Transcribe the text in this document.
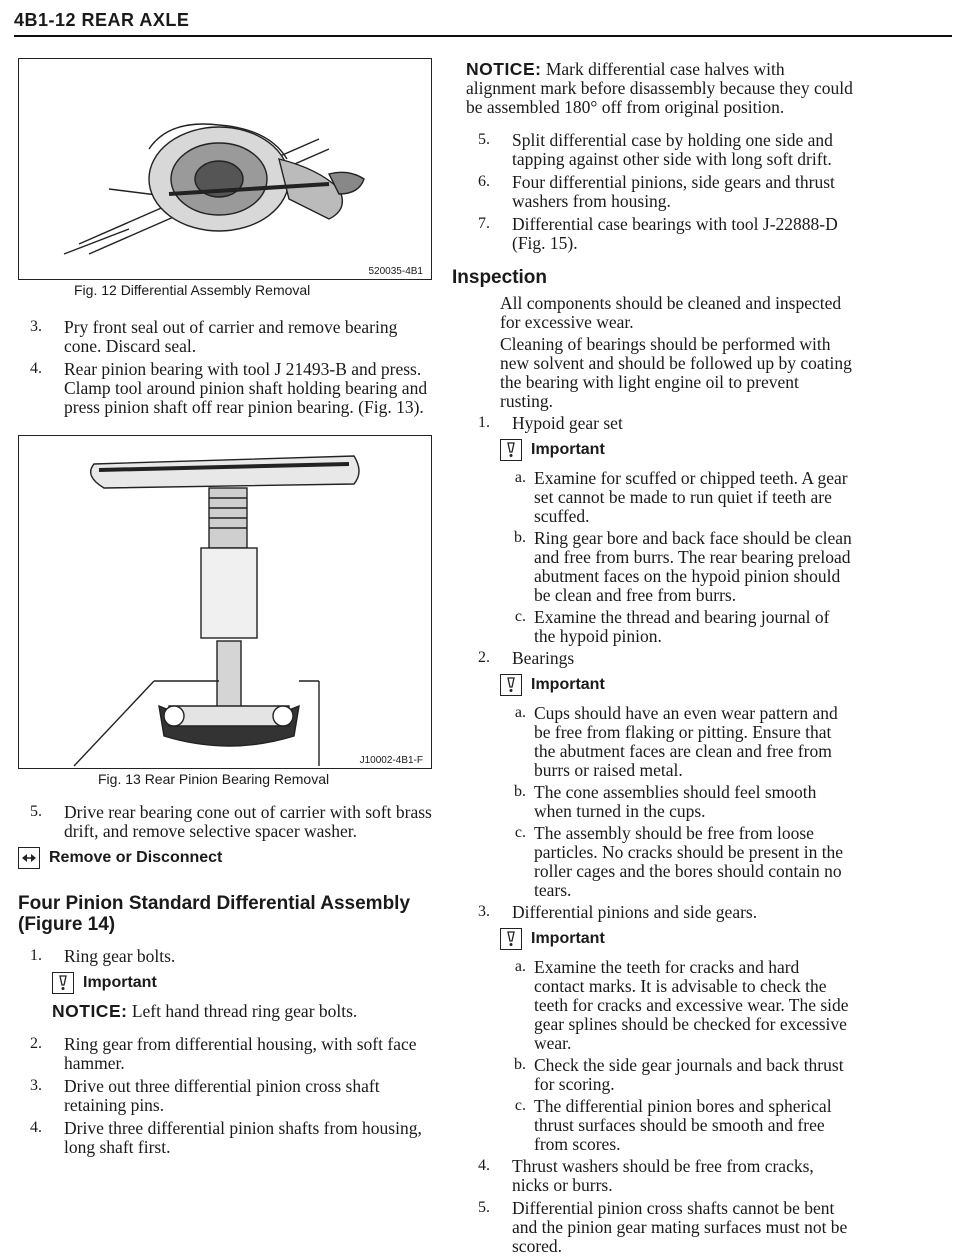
4B1-12 REAR AXLE
520035-4B1
Fig. 12 Differential Assembly Removal
3.	Pry front seal out of carrier and remove bearing cone. Discard seal.

4.	Rear pinion bearing with tool J 21493-B and press. Clamp tool around pinion shaft holding bearing and press pinion shaft off rear pinion bearing. (Fig. 13).

J10002-4B1-F
Fig. 13 Rear Pinion Bearing Removal
5.	Drive rear bearing cone out of carrier with soft brass drift, and remove selective spacer washer.

Remove or Disconnect
Four Pinion Standard Differential Assembly (Figure 14)
1.	Ring gear bolts.

Important

NOTICE: Left hand thread ring gear bolts.

2.	Ring gear from differential housing, with soft face hammer.

3.	Drive out three differential pinion cross shaft retaining pins.

4.	Drive three differential pinion shafts from housing, long shaft first.

NOTICE: Mark differential case halves with alignment mark before disassembly because they could be assembled 180° off from original position.

5.	Split differential case by holding one side and tapping against other side with long soft drift.

6.	Four differential pinions, side gears and thrust washers from housing.

7.	Differential case bearings with tool J-22888-D (Fig. 15).

Inspection

All components should be cleaned and inspected for excessive wear.

Cleaning of bearings should be performed with new solvent and should be followed up by coating the bearing with light engine oil to prevent rusting.

1.	Hypoid gear set

Important
a. Examine for scuffed or chipped teeth. A gear set cannot be made to run quiet if teeth are scuffed.

b. Ring gear bore and back face should be clean and free from burrs. The rear bearing preload abutment faces on the hypoid pinion should be clean and free from burrs.

c. Examine the thread and bearing journal of the hypoid pinion.

2.	Bearings

Important
a. Cups should have an even wear pattern and be free from flaking or pitting. Ensure that the abutment faces are clean and free from burrs or raised metal.

b. The cone assemblies should feel smooth when turned in the cups.

c. The assembly should be free from loose particles. No cracks should be present in the roller cages and the bores should contain no tears.

3.	Differential pinions and side gears.

Important
a. Examine the teeth for cracks and hard contact marks. It is advisable to check the teeth for cracks and excessive wear. The side gear splines should be checked for excessive wear.

b. Check the side gear journals and back thrust for scoring.

c. The differential pinion bores and spherical thrust surfaces should be smooth and free from scores.

4.	Thrust washers should be free from cracks, nicks or burrs.

5.	Differential pinion cross shafts cannot be bent and the pinion gear mating surfaces must not be scored.
